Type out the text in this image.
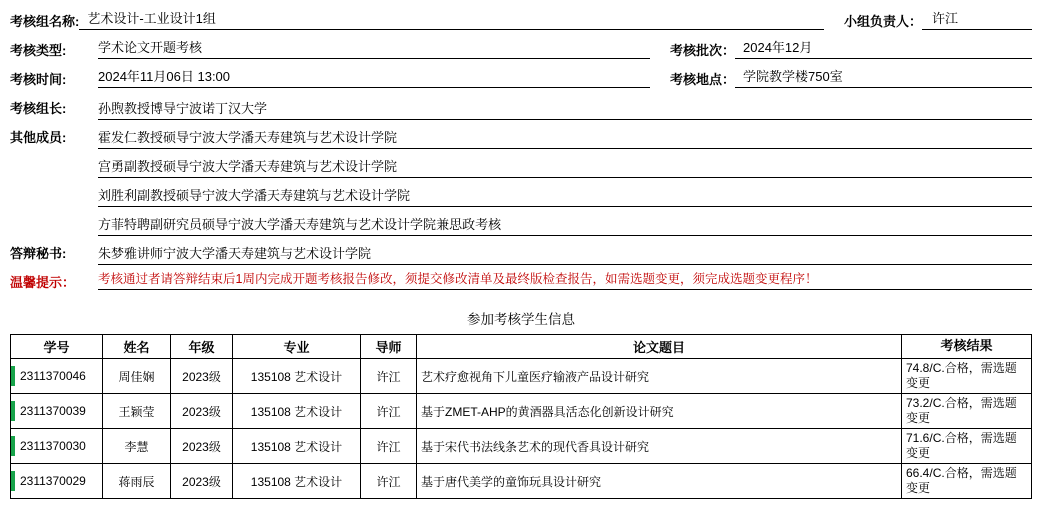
考核组名称: 艺术设计-工业设计1组	小组负责人： 许江
考核类型:	学术论文开题考核	考核批次： 2024年12月
考核时间:	2024年11月06日 13:00	考核地点： 学院教学楼750室
考核组长:	孙煦 教授 博导 宁波诺丁汉大学
其他成员:	霍发仁 教授 硕导 宁波大学潘天寿建筑与艺术设计学院
宫勇 副教授 硕导 宁波大学潘天寿建筑与艺术设计学院
刘胜利 副教授 硕导 宁波大学潘天寿建筑与艺术设计学院
方菲 特聘副研究员 硕导 宁波大学潘天寿建筑与艺术设计学院 兼思政考核
答辩秘书:	朱梦雅 讲师 宁波大学潘天寿建筑与艺术设计学院
温馨提示：	考核通过者请答辩结束后1周内完成开题考核报告修改，须提交修改清单及最终版检查报告，如需选题变更，须完成选题变更程序！
参加考核学生信息
学号	姓名	年级	专业	导师	论文题目	考核结果
2311370046	周佳娴	2023级	135108 艺术设计	许江	艺术疗愈视角下儿童医疗输液产品设计研究	74.8/C.合格，需选题变更
2311370039	王颖莹	2023级	135108 艺术设计	许江	基于ZMET-AHP的黄酒器具活态化创新设计研究	73.2/C.合格，需选题变更
2311370030	李慧	2023级	135108 艺术设计	许江	基于宋代书法线条艺术的现代香具设计研究	71.6/C.合格，需选题变更
2311370029	蒋雨辰	2023级	135108 艺术设计	许江	基于唐代美学的童饰玩具设计研究	66.4/C.合格，需选题变更
